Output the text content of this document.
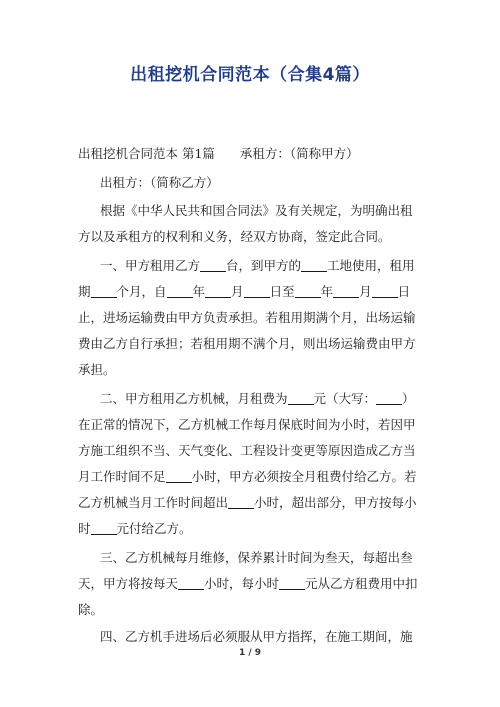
出租挖机合同范本（合集4篇）
出租挖机合同范本 第1篇　　承租方：（简称甲方）
出租方：（简称乙方）
根据《中华人民共和国合同法》及有关规定，为明确出租
方以及承租方的权利和义务，经双方协商，签定此合同。
一、甲方租用乙方 台，到甲方的 工地使用，租用
期 个月，自 年 月 日至 年 月 日
止，进场运输费由甲方负责承担。若租用期满个月，出场运输
费由乙方自行承担；若租用期不满个月，则出场运输费由甲方
承担。
二、甲方租用乙方机械，月租费为 元（大写： ）
在正常的情况下，乙方机械工作每月保底时间为小时，若因甲
方施工组织不当、天气变化、工程设计变更等原因造成乙方当
月工作时间不足 小时，甲方必须按全月租费付给乙方。若
乙方机械当月工作时间超出 小时，超出部分，甲方按每小
时 元付给乙方。
三、乙方机械每月维修，保养累计时间为叁天，每超出叁
天，甲方将按每天 小时，每小时 元从乙方租费用中扣
除。
四、乙方机手进场后必须服从甲方指挥，在施工期间，施
1 / 9
